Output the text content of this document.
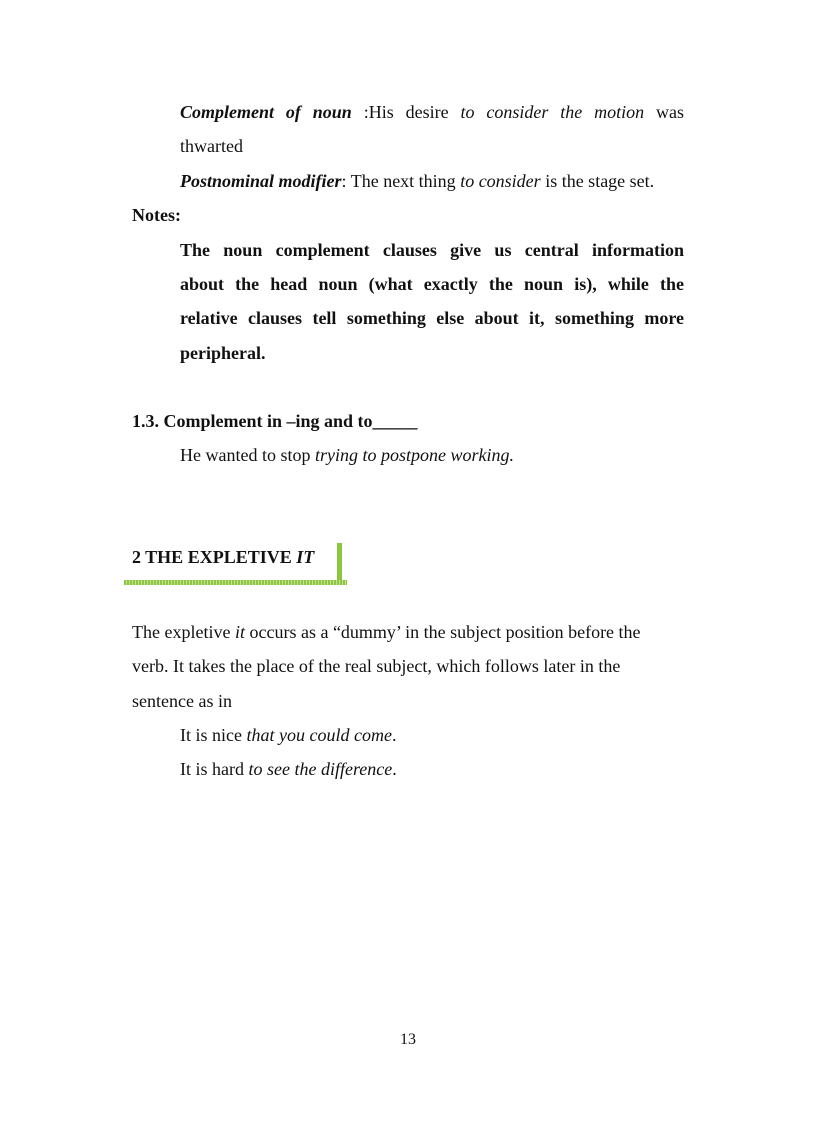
Complement of noun :His desire to consider the motion was
thwarted
Postnominal modifier: The next thing to consider is the stage set.
Notes:
The noun complement clauses give us central information
about the head noun (what exactly the noun is), while the
relative clauses tell something else about it, something more
peripheral.
1.3. Complement in –ing and to_____
He wanted to stop trying to postpone working.
2 THE EXPLETIVE IT
The expletive it occurs as a “dummy’ in the subject position before the
verb. It takes the place of the real subject, which follows later in the
sentence as in
It is nice that you could come.
It is hard to see the difference.
13
